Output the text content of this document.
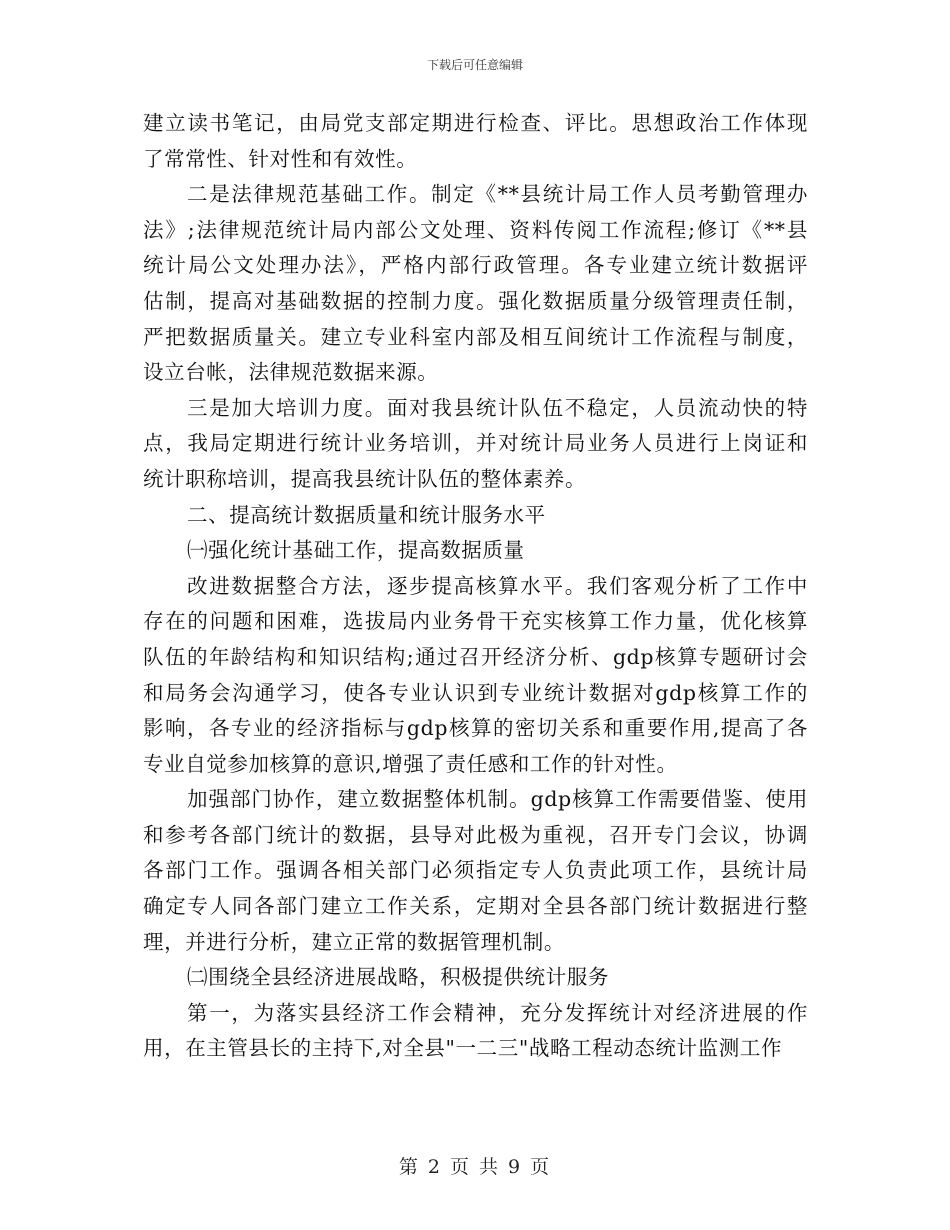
下载后可任意编辑
建立读书笔记，由局党支部定期进行检查、评比。思想政治工作体现
了常常性、针对性和有效性。
二是法律规范基础工作。制定《**县统计局工作人员考勤管理办
法》;法律规范统计局内部公文处理、资料传阅工作流程;修订《**县
统计局公文处理办法》，严格内部行政管理。各专业建立统计数据评
估制，提高对基础数据的控制力度。强化数据质量分级管理责任制，
严把数据质量关。建立专业科室内部及相互间统计工作流程与制度，
设立台帐，法律规范数据来源。
三是加大培训力度。面对我县统计队伍不稳定，人员流动快的特
点，我局定期进行统计业务培训，并对统计局业务人员进行上岗证和
统计职称培训，提高我县统计队伍的整体素养。
二、提高统计数据质量和统计服务水平
㈠强化统计基础工作，提高数据质量
改进数据整合方法，逐步提高核算水平。我们客观分析了工作中
存在的问题和困难，选拔局内业务骨干充实核算工作力量，优化核算
队伍的年龄结构和知识结构;通过召开经济分析、gdp核算专题研讨会
和局务会沟通学习，使各专业认识到专业统计数据对gdp核算工作的
影响，各专业的经济指标与gdp核算的密切关系和重要作用,提高了各
专业自觉参加核算的意识,增强了责任感和工作的针对性。
加强部门协作，建立数据整体机制。gdp核算工作需要借鉴、使用
和参考各部门统计的数据，县导对此极为重视，召开专门会议，协调
各部门工作。强调各相关部门必须指定专人负责此项工作，县统计局
确定专人同各部门建立工作关系，定期对全县各部门统计数据进行整
理，并进行分析，建立正常的数据管理机制。
㈡围绕全县经济进展战略，积极提供统计服务
第一，为落实县经济工作会精神，充分发挥统计对经济进展的作
用，在主管县长的主持下,对全县"一二三"战略工程动态统计监测工作
第 2 页 共 9 页
